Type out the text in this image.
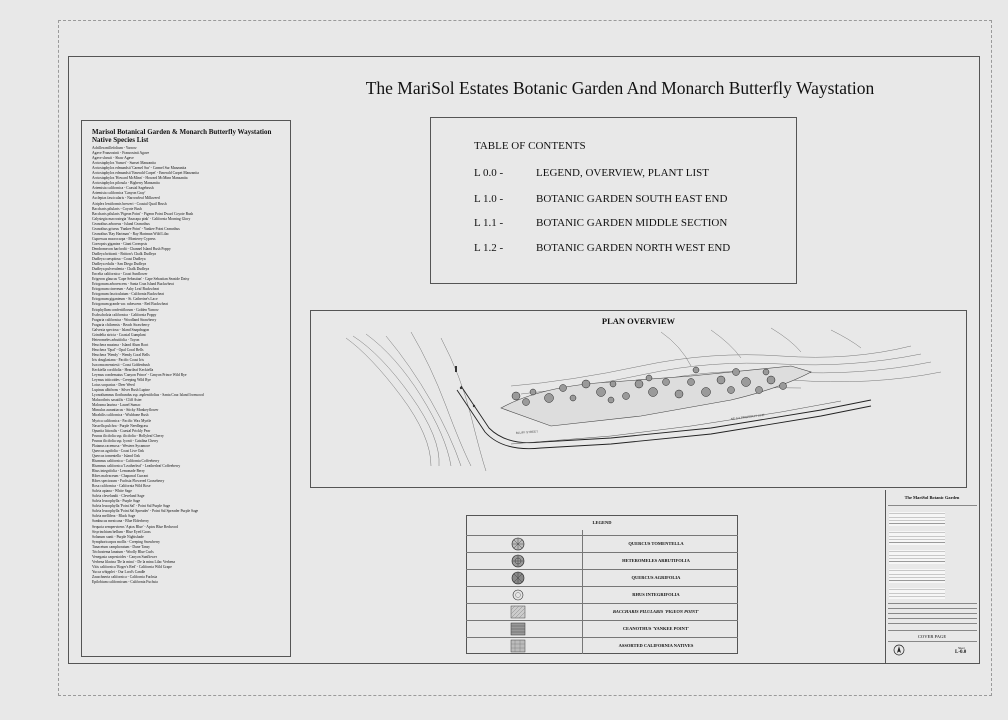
The MariSol Estates Botanic Garden And Monarch Butterfly Waystation
Marisol Botanical Garden & Monarch Butterfly Waystation
Native Species List
Achillea millefolium - Yarrow
Agave Franzosinii - Franzosinii Agave
Agave shawii - Shaw Agave
Arctostaphylos 'Sunset' - Sunset Manzanita
Arctostaphylos edmundsii 'Carmel Sur' - Carmel Sur Manzanita
Arctostaphylos edmundsii 'Emerald Carpet' - Emerald Carpet Manzanita
Arctostaphylos 'Howard McMinn' - Howard McMinn Manzanita
Arctostaphylos pilosula - Bigberry Manzanita
Artemisia californica - Coastal Sagebrush
Artemisia californica 'Canyon Gray'
Asclepias fascicularis - Narrowleaf Milkweed
Atriplex lentiformis breweri - Coastal Quail Brush
Baccharis pilularis - Coyote Bush
Baccharis pilularis 'Pigeon Point' - Pigeon Point Dwarf Coyote Bush
Calystegia macrostegia 'Anacapa pink' - California Morning Glory
Ceanothus arboreus - Island Ceanothus
Ceanothus griseus 'Yankee Point' - Yankee Point Ceanothus
Ceanothus 'Ray Hartman' - Ray Hartman Wild Lilac
Cupressus macrocarpa - Monterey Cypress
Coreopsis gigantea - Giant Coreopsis
Dendromecon harfordii - Channel Island Bush Poppy
Dudleya brittonii - Britton's Chalk Dudleya
Dudleya caespitosa - Coast Dudleya
Dudleya edulis - San Diego Dudleya
Dudleya pulverulenta - Chalk Dudleya
Encelia californica - Coast Sunflower
Erigeron glaucus 'Cape Sebastian' - Cape Sebastian Seaside Daisy
Eriogonum arborescens - Santa Cruz Island Buckwheat
Eriogonum cinereum - Ashy Leaf Buckwheat
Eriogonum fasciculatum - California Buckwheat
Eriogonum giganteum - St. Catherine's Lace
Eriogonum grande var. rubescens - Red Buckwheat
Eriophyllum confertiflorum - Golden Yarrow
Eschscholzia californica - California Poppy
Fragaria californica - Woodland Strawberry
Fragaria chiloensis - Beach Strawberry
Galvezia speciosa - Island Snapdragon
Grindelia stricta - Coastal Gumplant
Heteromeles arbutifolia - Toyon
Heuchera maxima - Island Alum Root
Heuchera 'Opal' - Opal Coral Bells
Heuchera 'Wendy' - Wendy Coral Bells
Iris douglasiana - Pacific Coast Iris
Isocoma menziesii - Coast Goldenbush
Keckiella cordifolia - Heartleaf Keckiella
Leymus condensatus 'Canyon Prince' - Canyon Prince Wild Rye
Leymus triticoides - Creeping Wild Rye
Lotus scoparius - Deer Weed
Lupinus albifrons - Silver Bush Lupine
Lyonothamnus floribundus ssp. aspleniifolius - Santa Cruz Island Ironwood
Malacothrix saxatilis - Cliff Aster
Malosma laurina - Laurel Sumac
Mimulus aurantiacus - Sticky Monkeyflower
Mirabilis californica - Wishbone Bush
Myrica californica - Pacific Wax Myrtle
Nassella pulchra - Purple Needlegrass
Opuntia littoralis - Coastal Prickly Pear
Prunus ilicifolia ssp. ilicifolia - Hollyleaf Cherry
Prunus ilicifolia ssp. lyonii - Catalina Cherry
Platanus racemosa - Western Sycamore
Quercus agrifolia - Coast Live Oak
Quercus tomentella - Island Oak
Rhamnus californica - California Coffeeberry
Rhamnus californica 'Leatherleaf' - Leatherleaf Coffeeberry
Rhus integrifolia - Lemonade Berry
Ribes malvaceum - Chaparral Currant
Ribes speciosum - Fuchsia Flowered Gooseberry
Rosa californica - California Wild Rose
Salvia apiana - White Sage
Salvia clevelandii - Cleveland Sage
Salvia leucophylla - Purple Sage
Salvia leucophylla 'Point Sal' - Point Sal Purple Sage
Salvia leucophylla 'Point Sal Spreader' - Point Sal Spreader Purple Sage
Salvia mellifera - Black Sage
Sambucus mexicana - Blue Elderberry
Sequoia sempervirens 'Aptos Blue' - Aptos Blue Redwood
Sisyrinchium bellum - Blue Eyed Grass
Solanum xanti - Purple Nightshade
Symphoricarpos mollis - Creeping Snowberry
Tanacetum camphoratum - Dune Tansy
Trichostema lanatum - Woolly Blue Curls
Venegasia carpesioides - Canyon Sunflower
Verbena lilacina 'De la mina' - De la mina Lilac Verbena
Vitis californica 'Roger's Red' - California Wild Grape
Yucca whipplei - Our Lord's Candle
Zauschneria californica - California Fuchsia
Epilobium californicum - California Fuchsia
TABLE OF CONTENTS
L 0.0 -	LEGEND, OVERVIEW, PLANT LIST
L 1.0 -	BOTANIC GARDEN SOUTH EAST END
L 1.1 -	BOTANIC GARDEN MIDDLE SECTION
L 1.2 -	BOTANIC GARDEN NORTH WEST END
PLAN OVERVIEW
BLUFF STREET
NE 1/4 PROPERTY LINE
LEGEND
QUERCUS TOMENTELLA
HETEROMELES ARBUTIFOLIA
QUERCUS AGRIFOLIA
RHUS INTEGRIFOLIA
BACCHARIS PILULARIS 'PIGEON POINT'
CEANOTHUS 'YANKEE POINT'
ASSORTED CALIFORNIA NATIVES
The MariSol Botanic Garden
COVER PAGE
Sheet
L-0.0
